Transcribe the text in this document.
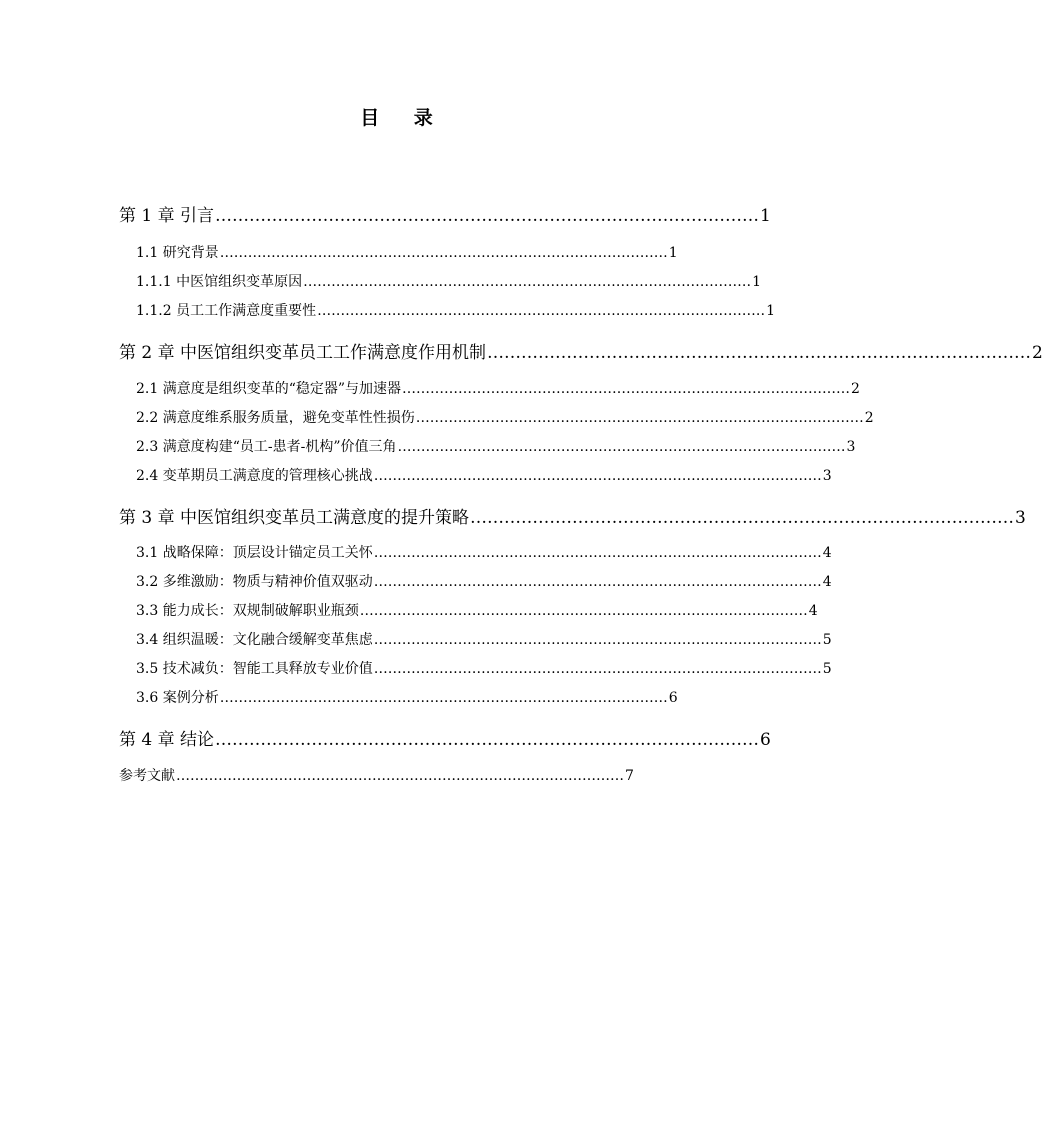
目 录
第 1 章 引言 …………………………………………………………………………………… 1
1.1 研究背景 …………………………………………………………………………………… 1
1.1.1 中医馆组织变革原因 …………………………………………………………………………………… 1
1.1.2 员工工作满意度重要性 …………………………………………………………………………………… 1
第 2 章 中医馆组织变革员工工作满意度作用机制 …………………………………………………………………………………… 2
2.1 满意度是组织变革的“稳定器”与加速器 …………………………………………………………………………………… 2
2.2 满意度维系服务质量，避免变革性性损伤 …………………………………………………………………………………… 2
2.3 满意度构建“员工-患者-机构”价值三角 …………………………………………………………………………………… 3
2.4 变革期员工满意度的管理核心挑战 …………………………………………………………………………………… 3
第 3 章 中医馆组织变革员工满意度的提升策略 …………………………………………………………………………………… 3
3.1 战略保障：顶层设计锚定员工关怀 …………………………………………………………………………………… 4
3.2 多维激励：物质与精神价值双驱动 …………………………………………………………………………………… 4
3.3 能力成长：双规制破解职业瓶颈 …………………………………………………………………………………… 4
3.4 组织温暖：文化融合缓解变革焦虑 …………………………………………………………………………………… 5
3.5 技术减负：智能工具释放专业价值 …………………………………………………………………………………… 5
3.6 案例分析 …………………………………………………………………………………… 6
第 4 章 结论 …………………………………………………………………………………… 6
参考文献 …………………………………………………………………………………… 7
